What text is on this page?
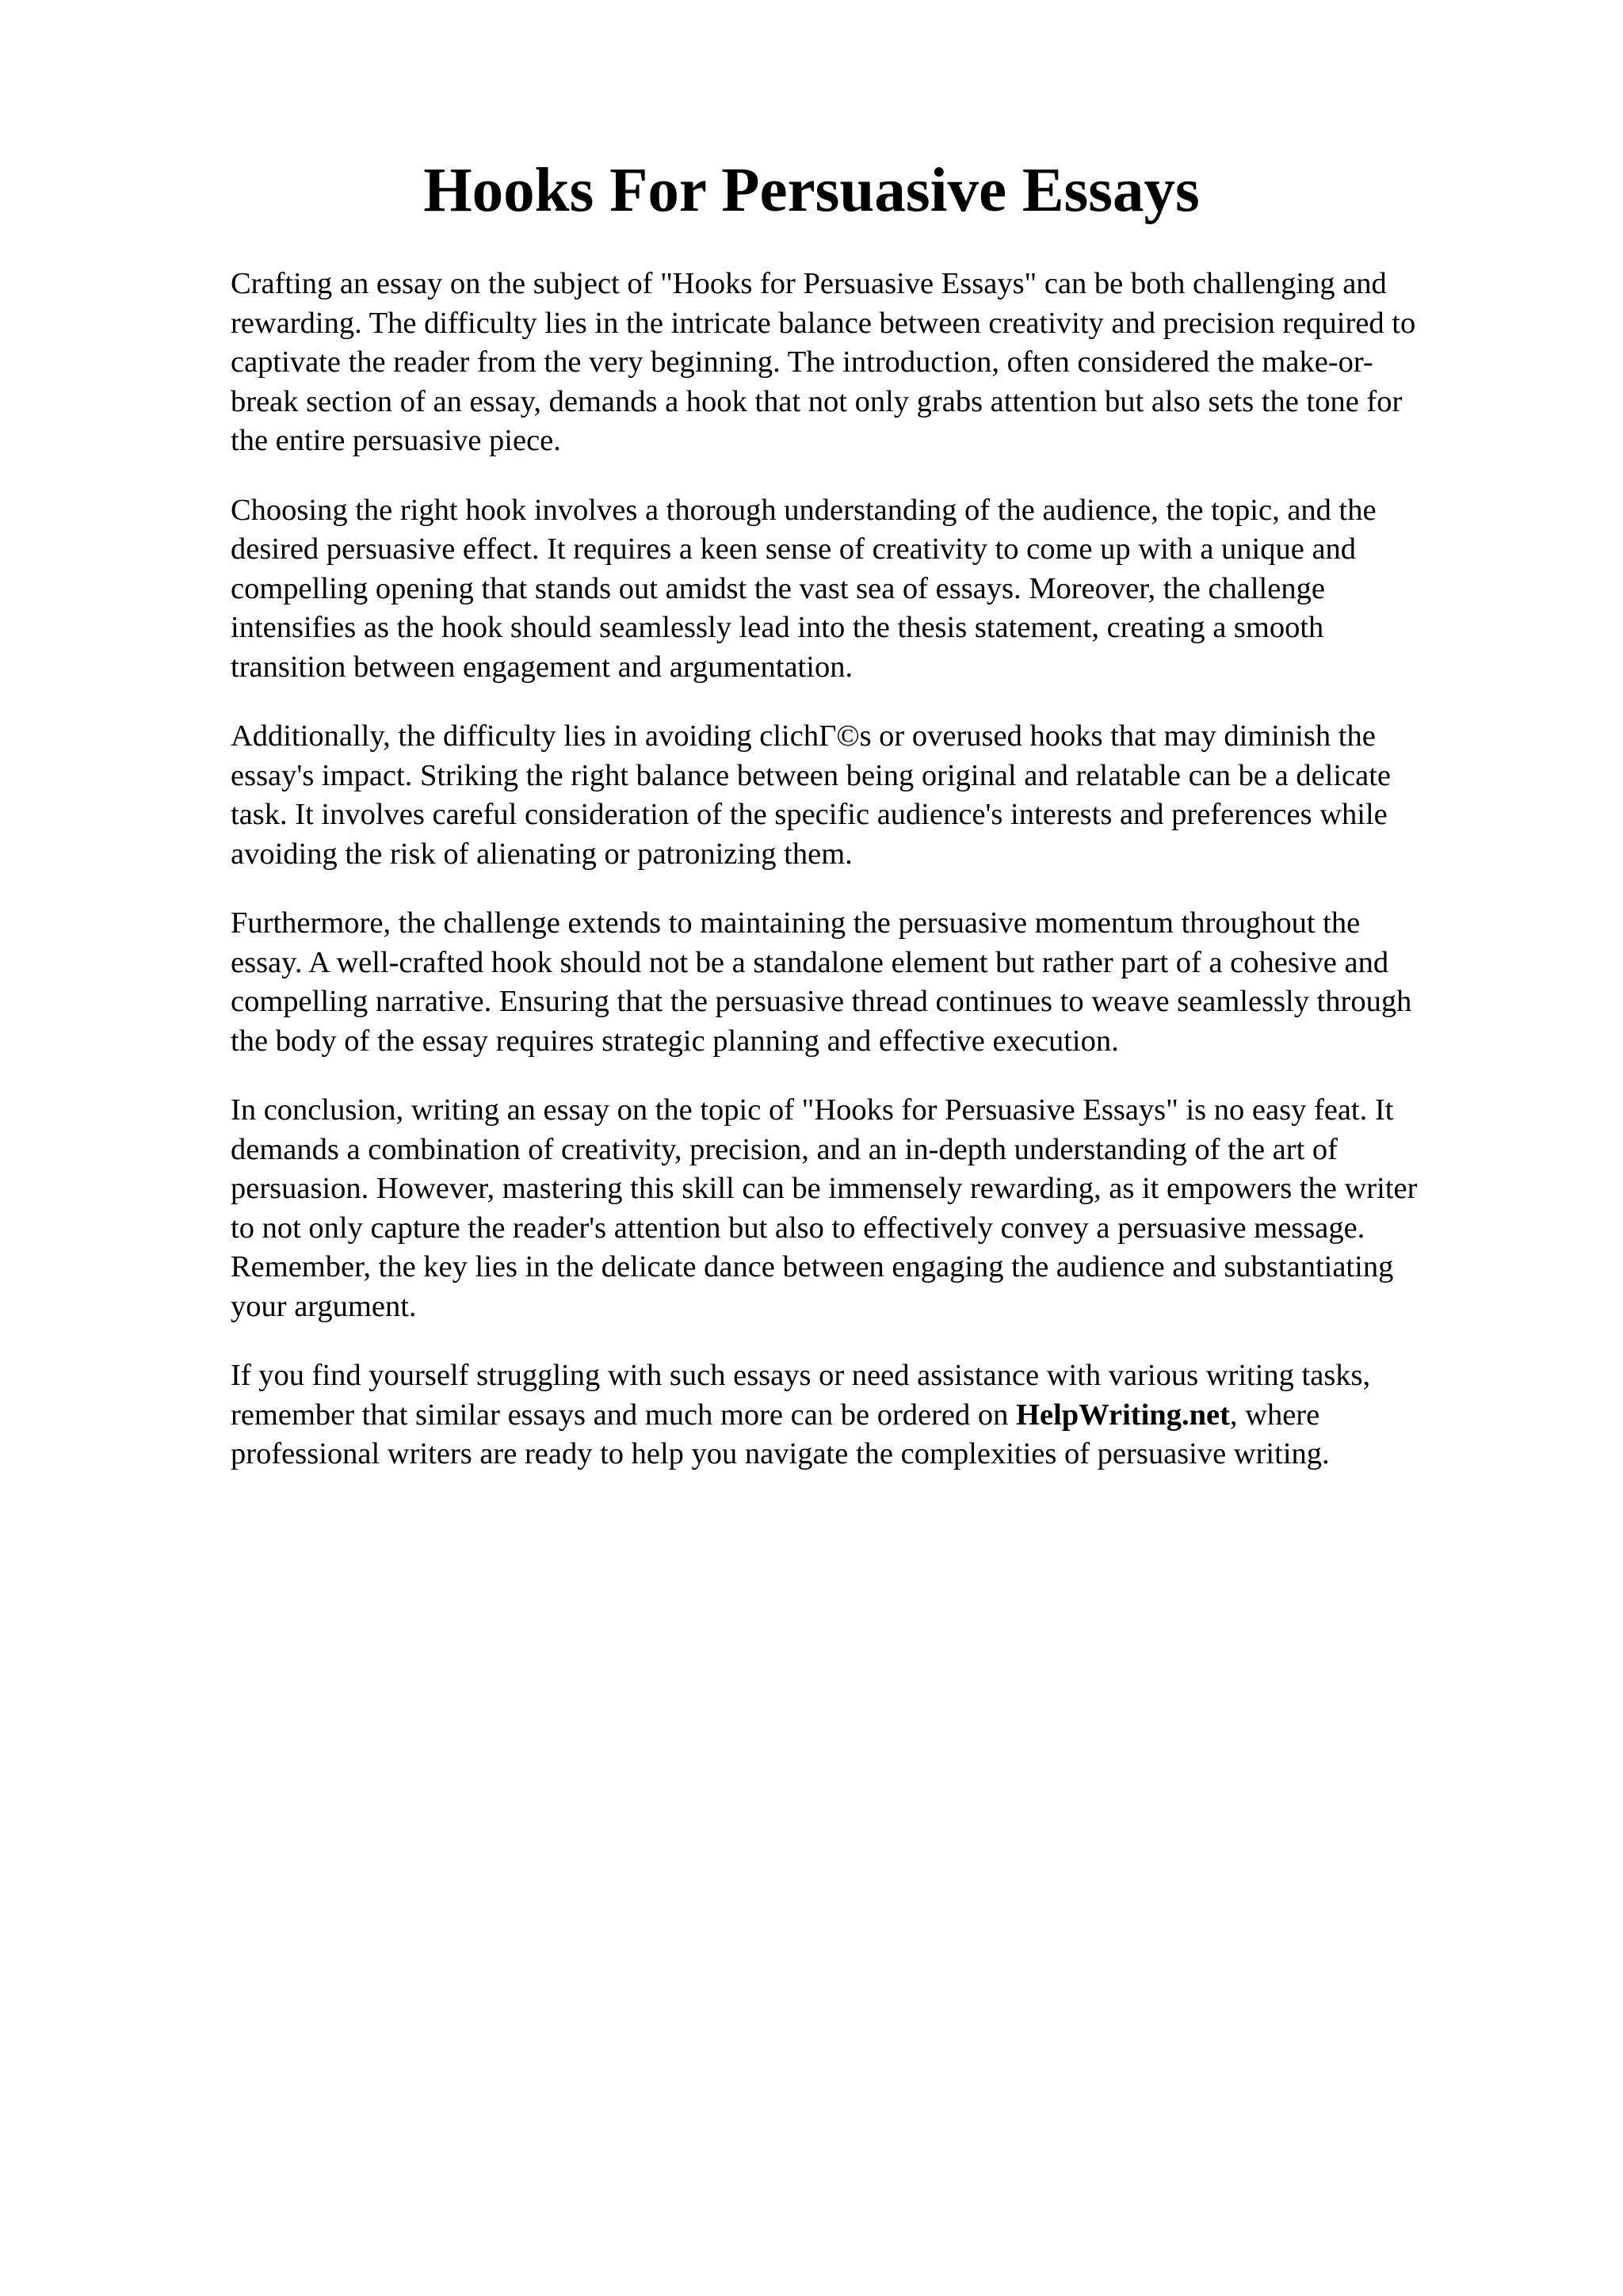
Hooks For Persuasive Essays

Crafting an essay on the subject of "Hooks for Persuasive Essays" can be both challenging and
rewarding. The difficulty lies in the intricate balance between creativity and precision required to
captivate the reader from the very beginning. The introduction, often considered the make-or-
break section of an essay, demands a hook that not only grabs attention but also sets the tone for
the entire persuasive piece.

Choosing the right hook involves a thorough understanding of the audience, the topic, and the
desired persuasive effect. It requires a keen sense of creativity to come up with a unique and
compelling opening that stands out amidst the vast sea of essays. Moreover, the challenge
intensifies as the hook should seamlessly lead into the thesis statement, creating a smooth
transition between engagement and argumentation.

Additionally, the difficulty lies in avoiding clichΓ©s or overused hooks that may diminish the
essay's impact. Striking the right balance between being original and relatable can be a delicate
task. It involves careful consideration of the specific audience's interests and preferences while
avoiding the risk of alienating or patronizing them.

Furthermore, the challenge extends to maintaining the persuasive momentum throughout the
essay. A well-crafted hook should not be a standalone element but rather part of a cohesive and
compelling narrative. Ensuring that the persuasive thread continues to weave seamlessly through
the body of the essay requires strategic planning and effective execution.

In conclusion, writing an essay on the topic of "Hooks for Persuasive Essays" is no easy feat. It
demands a combination of creativity, precision, and an in-depth understanding of the art of
persuasion. However, mastering this skill can be immensely rewarding, as it empowers the writer
to not only capture the reader's attention but also to effectively convey a persuasive message.
Remember, the key lies in the delicate dance between engaging the audience and substantiating
your argument.

If you find yourself struggling with such essays or need assistance with various writing tasks,
remember that similar essays and much more can be ordered on HelpWriting.net, where
professional writers are ready to help you navigate the complexities of persuasive writing.
